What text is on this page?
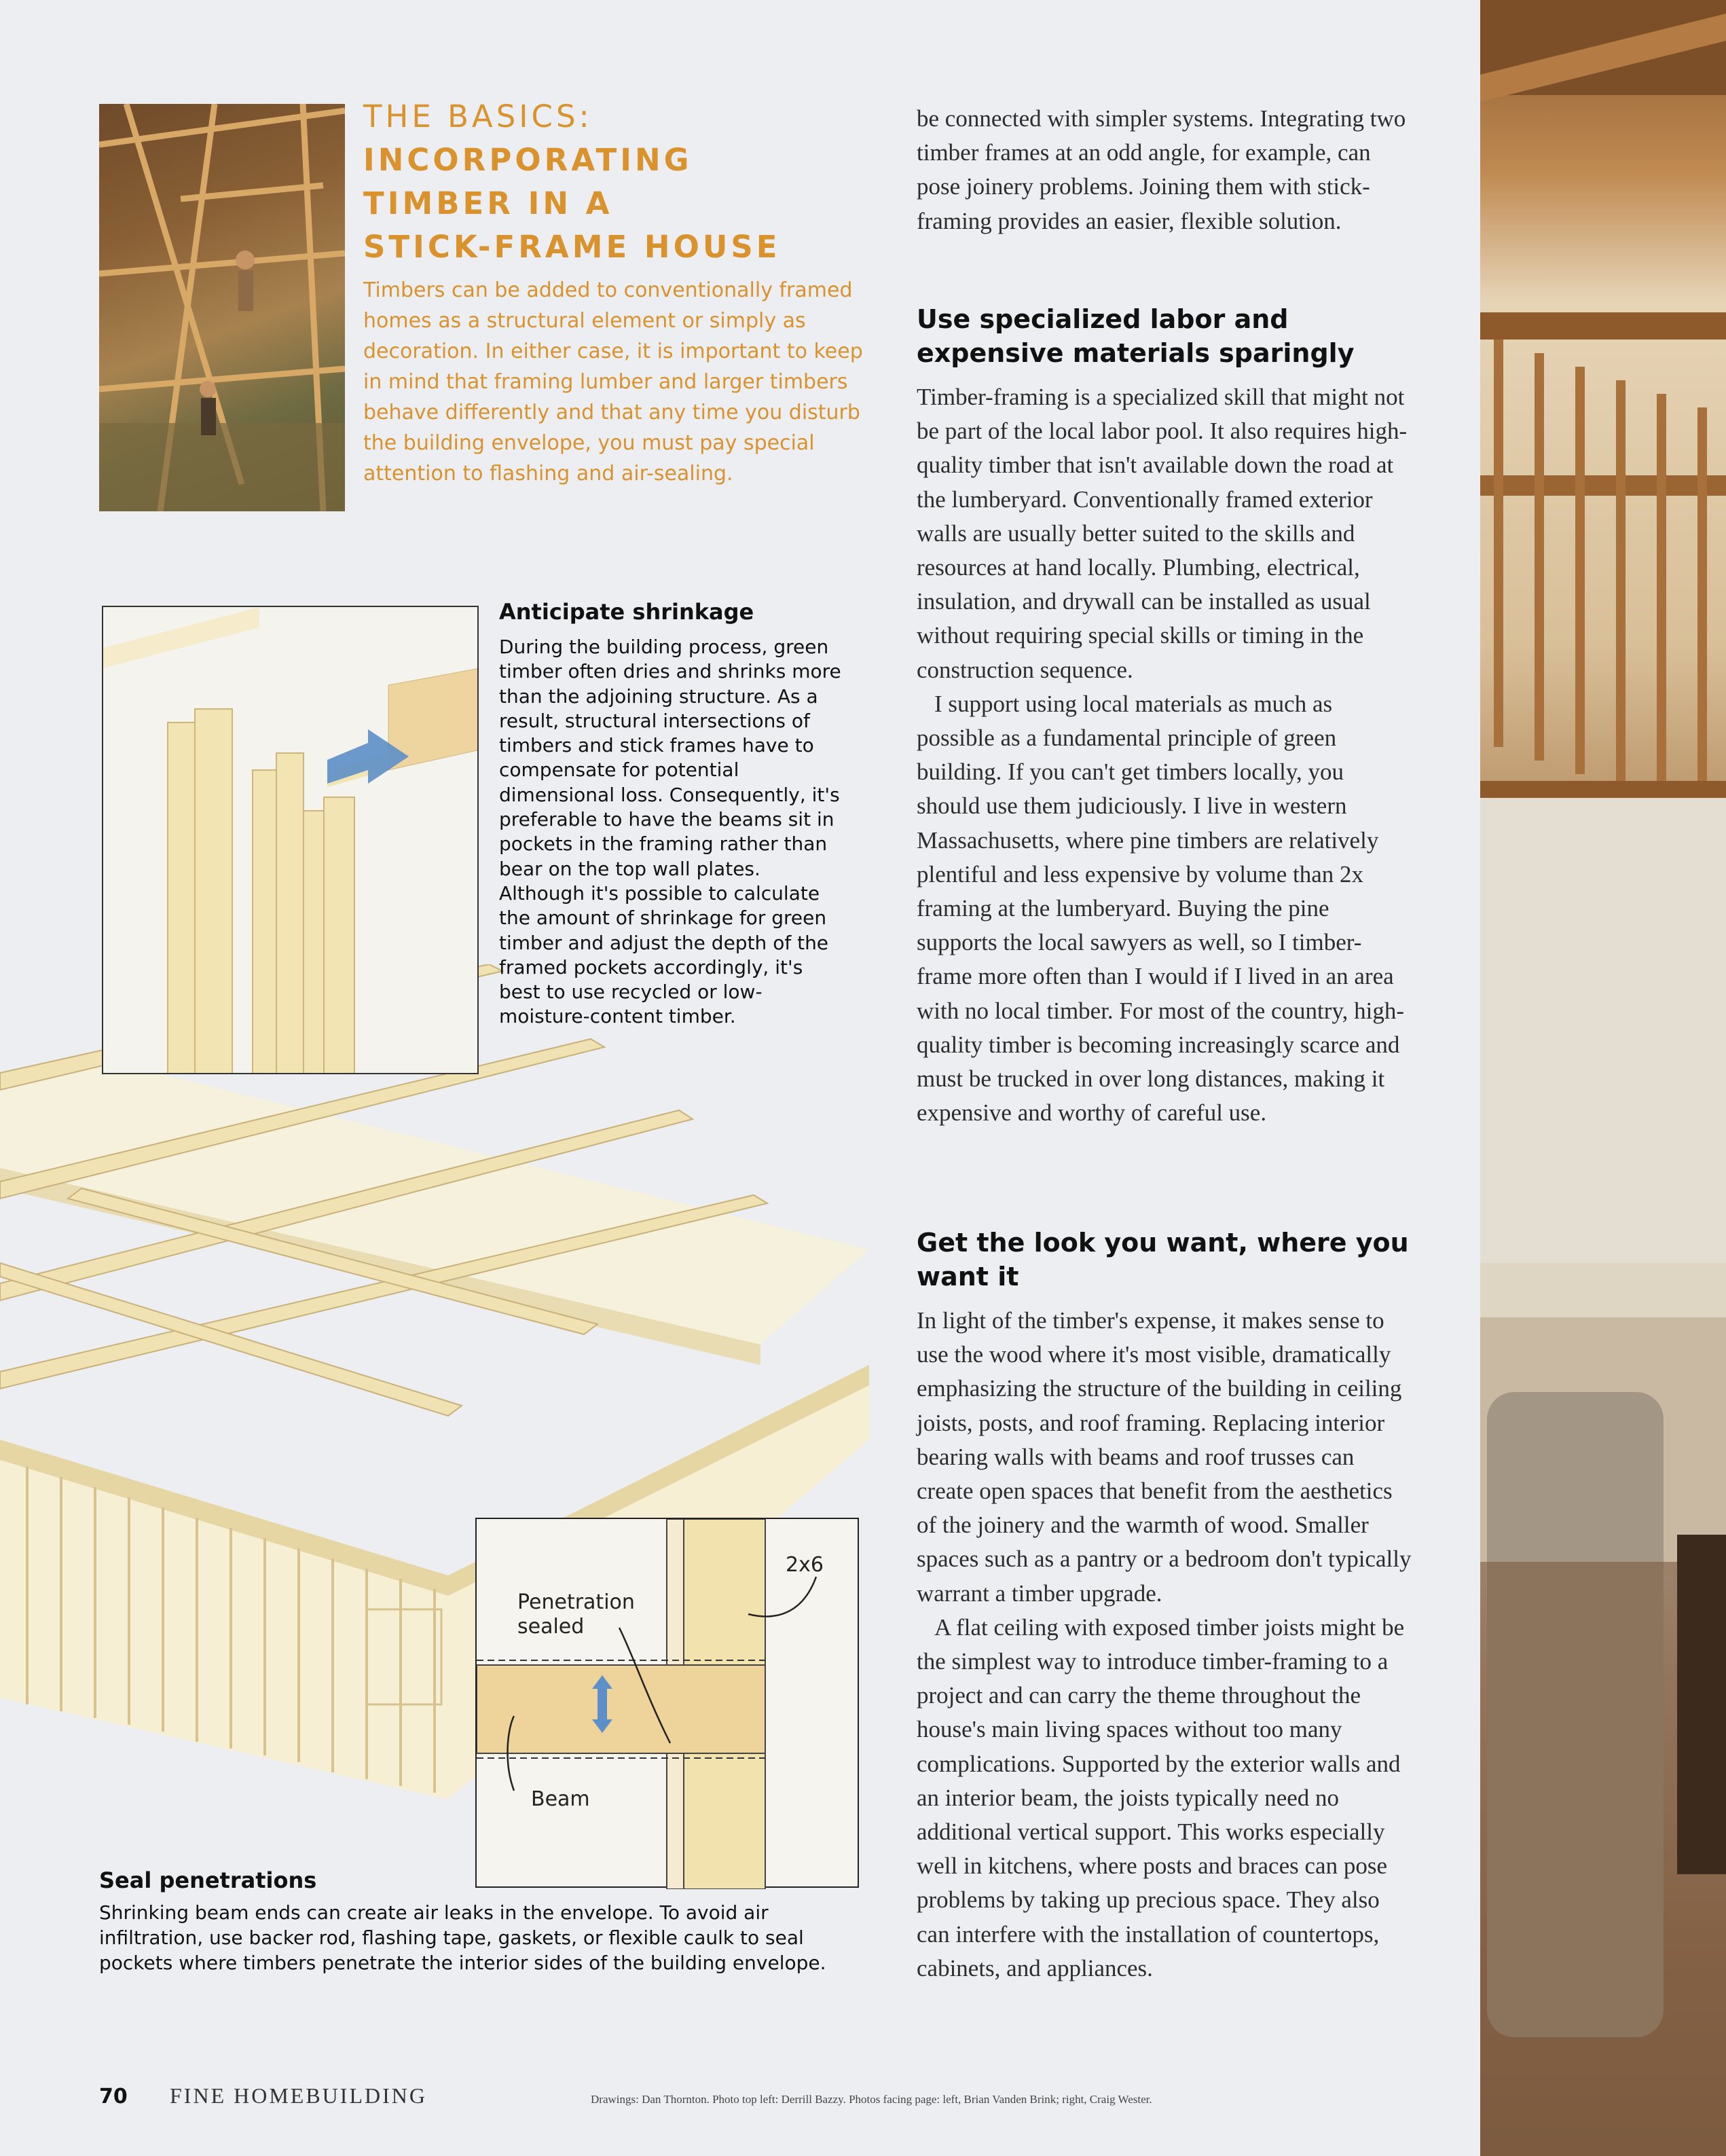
THE BASICS:
INCORPORATING
TIMBER IN A
STICK-FRAME HOUSE

Timbers can be added to conventionally framed homes as a structural element or simply as decoration. In either case, it is important to keep in mind that framing lumber and larger timbers behave differently and that any time you disturb the building envelope, you must pay special attention to flashing and air-sealing.

Anticipate shrinkage

During the building process, green timber often dries and shrinks more than the adjoining structure. As a result, structural intersections of timbers and stick frames have to compensate for potential dimensional loss. Consequently, it's preferable to have the beams sit in pockets in the framing rather than bear on the top wall plates. Although it's possible to calculate the amount of shrinkage for green timber and adjust the depth of the framed pockets accordingly, it's best to use recycled or low-moisture-content timber.

2x6
Penetration sealed
Beam
Seal penetrations

Shrinking beam ends can create air leaks in the envelope. To avoid air infiltration, use backer rod, flashing tape, gaskets, or flexible caulk to seal pockets where timbers penetrate the interior sides of the building envelope.

be connected with simpler systems. Integrating two timber frames at an odd angle, for example, can pose joinery problems. Joining them with stick-framing provides an easier, flexible solution.

Use specialized labor and expensive materials sparingly

Timber-framing is a specialized skill that might not be part of the local labor pool. It also requires high-quality timber that isn't available down the road at the lumberyard. Conventionally framed exterior walls are usually better suited to the skills and resources at hand locally. Plumbing, electrical, insulation, and drywall can be installed as usual without requiring special skills or timing in the construction sequence.

I support using local materials as much as possible as a fundamental principle of green building. If you can't get timbers locally, you should use them judiciously. I live in western Massachusetts, where pine timbers are relatively plentiful and less expensive by volume than 2x framing at the lumberyard. Buying the pine supports the local sawyers as well, so I timber-frame more often than I would if I lived in an area with no local timber. For most of the country, high-quality timber is becoming increasingly scarce and must be trucked in over long distances, making it expensive and worthy of careful use.

Get the look you want, where you want it

In light of the timber's expense, it makes sense to use the wood where it's most visible, dramatically emphasizing the structure of the building in ceiling joists, posts, and roof framing. Replacing interior bearing walls with beams and roof trusses can create open spaces that benefit from the aesthetics of the joinery and the warmth of wood. Smaller spaces such as a pantry or a bedroom don't typically warrant a timber upgrade.

A flat ceiling with exposed timber joists might be the simplest way to introduce timber-framing to a project and can carry the theme throughout the house's main living spaces without too many complications. Supported by the exterior walls and an interior beam, the joists typically need no additional vertical support. This works especially well in kitchens, where posts and braces can pose problems by taking up precious space. They also can interfere with the installation of countertops, cabinets, and appliances.

70 FINE HOMEBUILDING	Drawings: Dan Thornton. Photo top left: Derrill Bazzy. Photos facing page: left, Brian Vanden Brink; right, Craig Wester.
